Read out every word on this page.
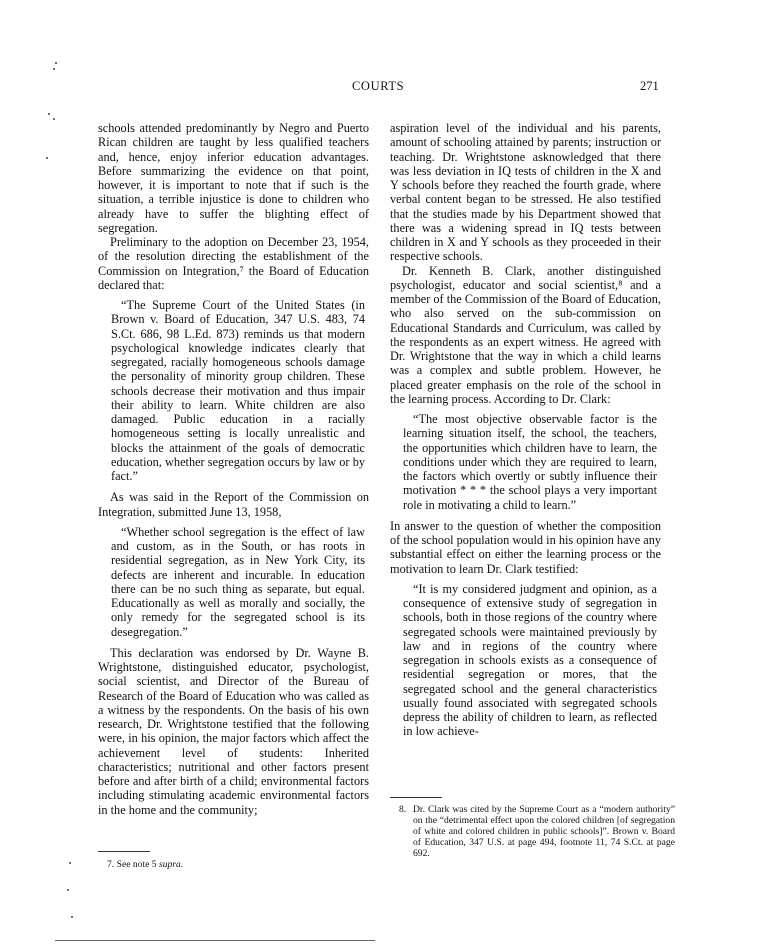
COURTS	271

schools attended predominantly by Negro and Puerto Rican children are taught by less qualified teachers and, hence, enjoy inferior education advantages. Before summarizing the evidence on that point, however, it is important to note that if such is the situation, a terrible injustice is done to children who already have to suffer the blighting effect of segregation.

Preliminary to the adoption on December 23, 1954, of the resolution directing the establishment of the Commission on Integration,⁷ the Board of Education declared that:

“The Supreme Court of the United States (in Brown v. Board of Education, 347 U.S. 483, 74 S.Ct. 686, 98 L.Ed. 873) reminds us that modern psychological knowledge indicates clearly that segregated, racially homogeneous schools damage the personality of minority group children. These schools decrease their motivation and thus impair their ability to learn. White children are also damaged. Public education in a racially homogeneous setting is locally unrealistic and blocks the attainment of the goals of democratic education, whether segregation occurs by law or by fact.”

As was said in the Report of the Commission on Integration, submitted June 13, 1958,

“Whether school segregation is the effect of law and custom, as in the South, or has roots in residential segregation, as in New York City, its defects are inherent and incurable. In education there can be no such thing as separate, but equal. Educationally as well as morally and socially, the only remedy for the segregated school is its desegregation.”

This declaration was endorsed by Dr. Wayne B. Wrightstone, distinguished educator, psychologist, social scientist, and Director of the Bureau of Research of the Board of Education who was called as a witness by the respondents. On the basis of his own research, Dr. Wrightstone testified that the following were, in his opinion, the major factors which affect the achievement level of students: Inherited characteristics; nutritional and other factors present before and after birth of a child; environmental factors including stimulating academic environmental factors in the home and the community;

aspiration level of the individual and his parents, amount of schooling attained by parents; instruction or teaching. Dr. Wrightstone asknowledged that there was less deviation in IQ tests of children in the X and Y schools before they reached the fourth grade, where verbal content began to be stressed. He also testified that the studies made by his Department showed that there was a widening spread in IQ tests between children in X and Y schools as they proceeded in their respective schools.

Dr. Kenneth B. Clark, another distinguished psychologist, educator and social scientist,⁸ and a member of the Commission of the Board of Education, who also served on the sub-commission on Educational Standards and Curriculum, was called by the respondents as an expert witness. He agreed with Dr. Wrightstone that the way in which a child learns was a complex and subtle problem. However, he placed greater emphasis on the role of the school in the learning process. According to Dr. Clark:

“The most objective observable factor is the learning situation itself, the school, the teachers, the opportunities which children have to learn, the conditions under which they are required to learn, the factors which overtly or subtly influence their motivation * * * the school plays a very important role in motivating a child to learn.”

In answer to the question of whether the composition of the school population would in his opinion have any substantial effect on either the learning process or the motivation to learn Dr. Clark testified:

“It is my considered judgment and opinion, as a consequence of extensive study of segregation in schools, both in those regions of the country where segregated schools were maintained previously by law and in regions of the country where segregation in schools exists as a consequence of residential segregation or mores, that the segregated school and the general characteristics usually found associated with segregated schools depress the ability of children to learn, as reflected in low achieve-

8. Dr. Clark was cited by the Supreme Court as a “modern authority” on the “detrimental effect upon the colored children [of segregation of white and colored children in public schools]”. Brown v. Board of Education, 347 U.S. at page 494, footnote 11, 74 S.Ct. at page 692.
7. See note 5 supra.
